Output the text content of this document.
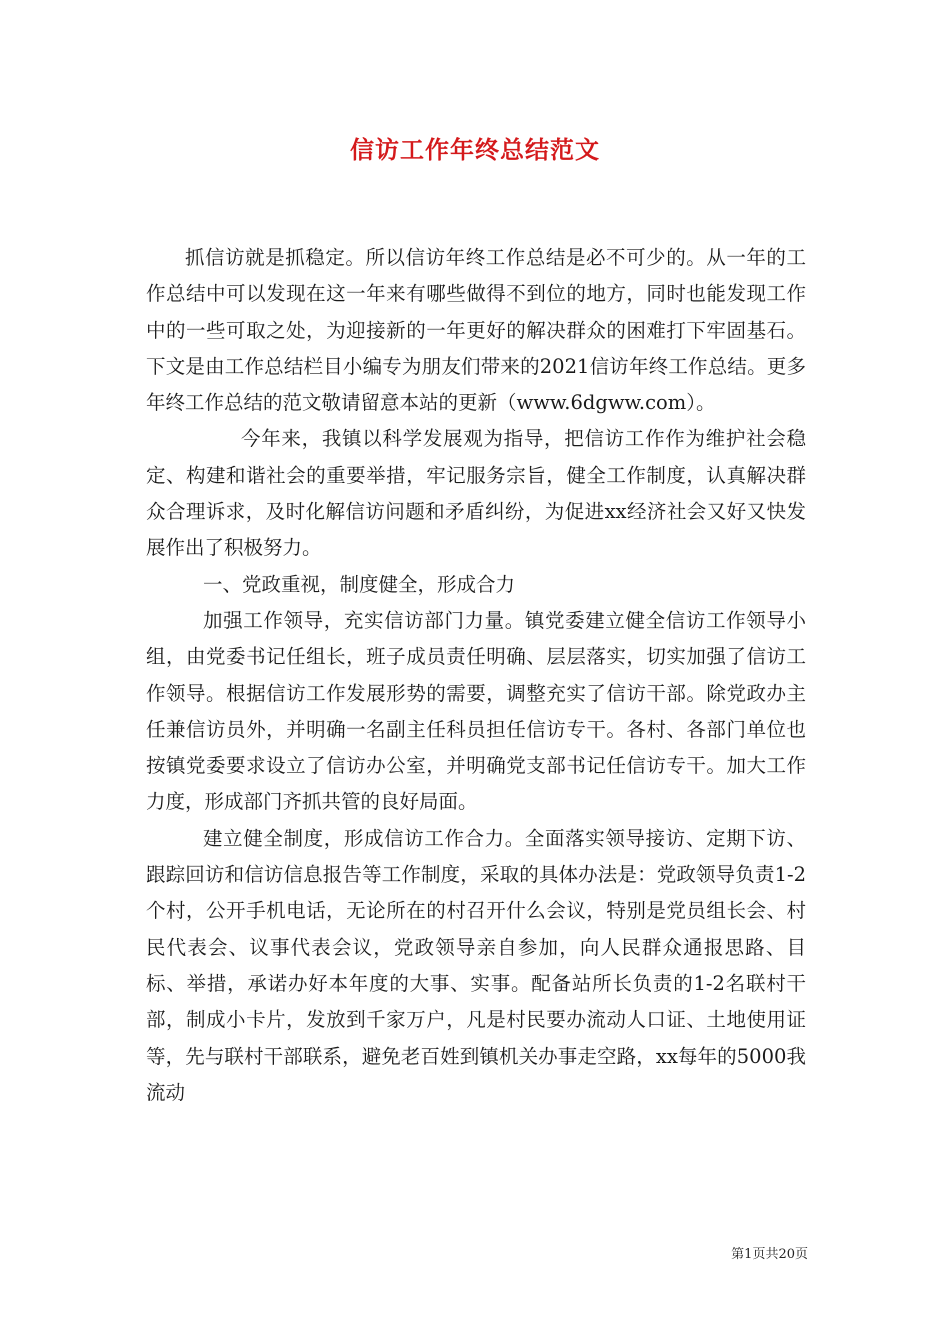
信访工作年终总结范文

抓信访就是抓稳定。所以信访年终工作总结是必不可少的。从一年的工作总结中可以发现在这一年来有哪些做得不到位的地方，同时也能发现工作中的一些可取之处，为迎接新的一年更好的解决群众的困难打下牢固基石。下文是由工作总结栏目小编专为朋友们带来的2021信访年终工作总结。更多年终工作总结的范文敬请留意本站的更新（www.6dgww.com）。

今年来，我镇以科学发展观为指导，把信访工作作为维护社会稳定、构建和谐社会的重要举措，牢记服务宗旨，健全工作制度，认真解决群众合理诉求，及时化解信访问题和矛盾纠纷，为促进xx经济社会又好又快发展作出了积极努力。

一、党政重视，制度健全，形成合力

加强工作领导，充实信访部门力量。镇党委建立健全信访工作领导小组，由党委书记任组长，班子成员责任明确、层层落实，切实加强了信访工作领导。根据信访工作发展形势的需要，调整充实了信访干部。除党政办主任兼信访员外，并明确一名副主任科员担任信访专干。各村、各部门单位也按镇党委要求设立了信访办公室，并明确党支部书记任信访专干。加大工作力度，形成部门齐抓共管的良好局面。

建立健全制度，形成信访工作合力。全面落实领导接访、定期下访、跟踪回访和信访信息报告等工作制度，采取的具体办法是：党政领导负责1-2个村，公开手机电话，无论所在的村召开什么会议，特别是党员组长会、村民代表会、议事代表会议，党政领导亲自参加，向人民群众通报思路、目标、举措，承诺办好本年度的大事、实事。配备站所长负责的1-2名联村干部，制成小卡片，发放到千家万户，凡是村民要办流动人口证、土地使用证等，先与联村干部联系，避免老百姓到镇机关办事走空路，xx每年的5000我流动

第1页共20页
